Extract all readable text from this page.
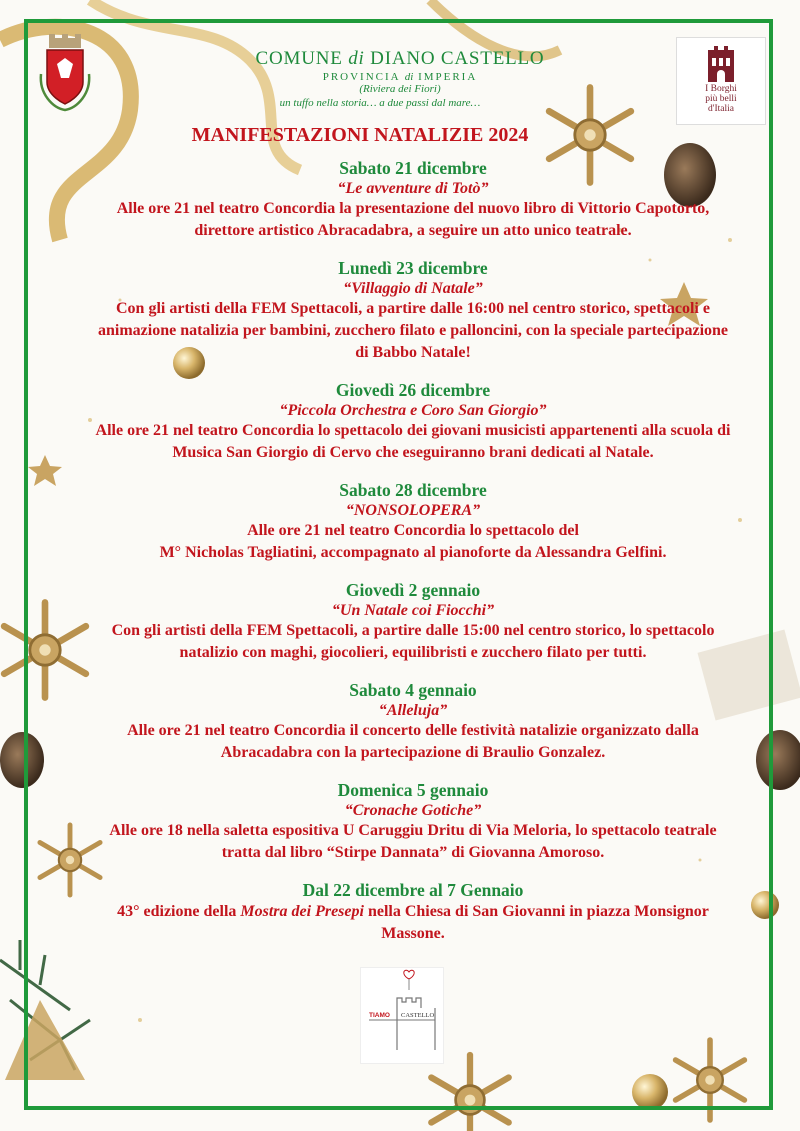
I Borghi
più belli
d'Italia
COMUNE di DIANO CASTELLO
PROVINCIA di IMPERIA
(Riviera dei Fiori)
un tuffo nella storia… a due passi dal mare…
MANIFESTAZIONI NATALIZIE 2024
Sabato 21 dicembre
“Le avventure di Totò”
Alle ore 21 nel teatro Concordia la presentazione del nuovo libro di Vittorio Capotorto,
direttore artistico Abracadabra, a seguire un atto unico teatrale.
Lunedì 23 dicembre
“Villaggio di Natale”
Con gli artisti della FEM Spettacoli, a partire dalle 16:00 nel centro storico, spettacoli e
animazione natalizia per bambini, zucchero filato e palloncini, con la speciale partecipazione
di Babbo Natale!
Giovedì 26 dicembre
“Piccola Orchestra e Coro San Giorgio”
Alle ore 21 nel teatro Concordia lo spettacolo dei giovani musicisti appartenenti alla scuola di
Musica San Giorgio di Cervo che eseguiranno brani dedicati al Natale.
Sabato 28 dicembre
“NONSOLOPERA”
Alle ore 21 nel teatro Concordia lo spettacolo del
M° Nicholas Tagliatini, accompagnato al pianoforte da Alessandra Gelfini.
Giovedì 2 gennaio
“Un Natale coi Fiocchi”
Con gli artisti della FEM Spettacoli, a partire dalle 15:00 nel centro storico, lo spettacolo
natalizio con maghi, giocolieri, equilibristi e zucchero filato per tutti.
Sabato 4 gennaio
“Alleluja”
Alle ore 21 nel teatro Concordia il concerto delle festività natalizie organizzato dalla
Abracadabra con la partecipazione di Braulio Gonzalez.
Domenica 5 gennaio
“Cronache Gotiche”
Alle ore 18 nella saletta espositiva U Caruggiu Dritu di Via Meloria, lo spettacolo teatrale
tratta dal libro “Stirpe Dannata” di Giovanna Amoroso.
Dal 22 dicembre al 7 Gennaio
43° edizione della Mostra dei Presepi nella Chiesa di San Giovanni in piazza Monsignor
Massone.
TIAMO CASTELLO
